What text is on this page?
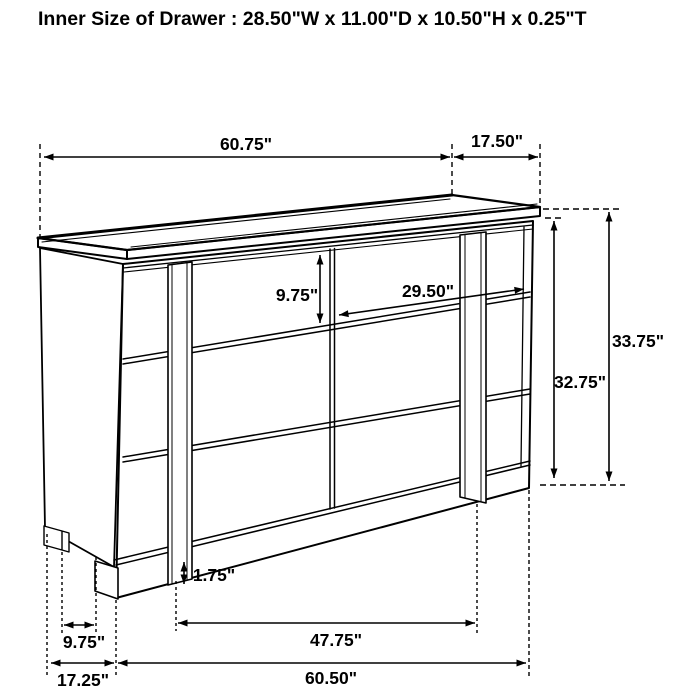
Inner Size of Drawer : 28.50"W x 11.00"D x 10.50"H x 0.25"T
60.75"	17.50"
9.75"	29.50"
33.75"
32.75"
1.75"
9.75"	47.75"
17.25"	60.50"
